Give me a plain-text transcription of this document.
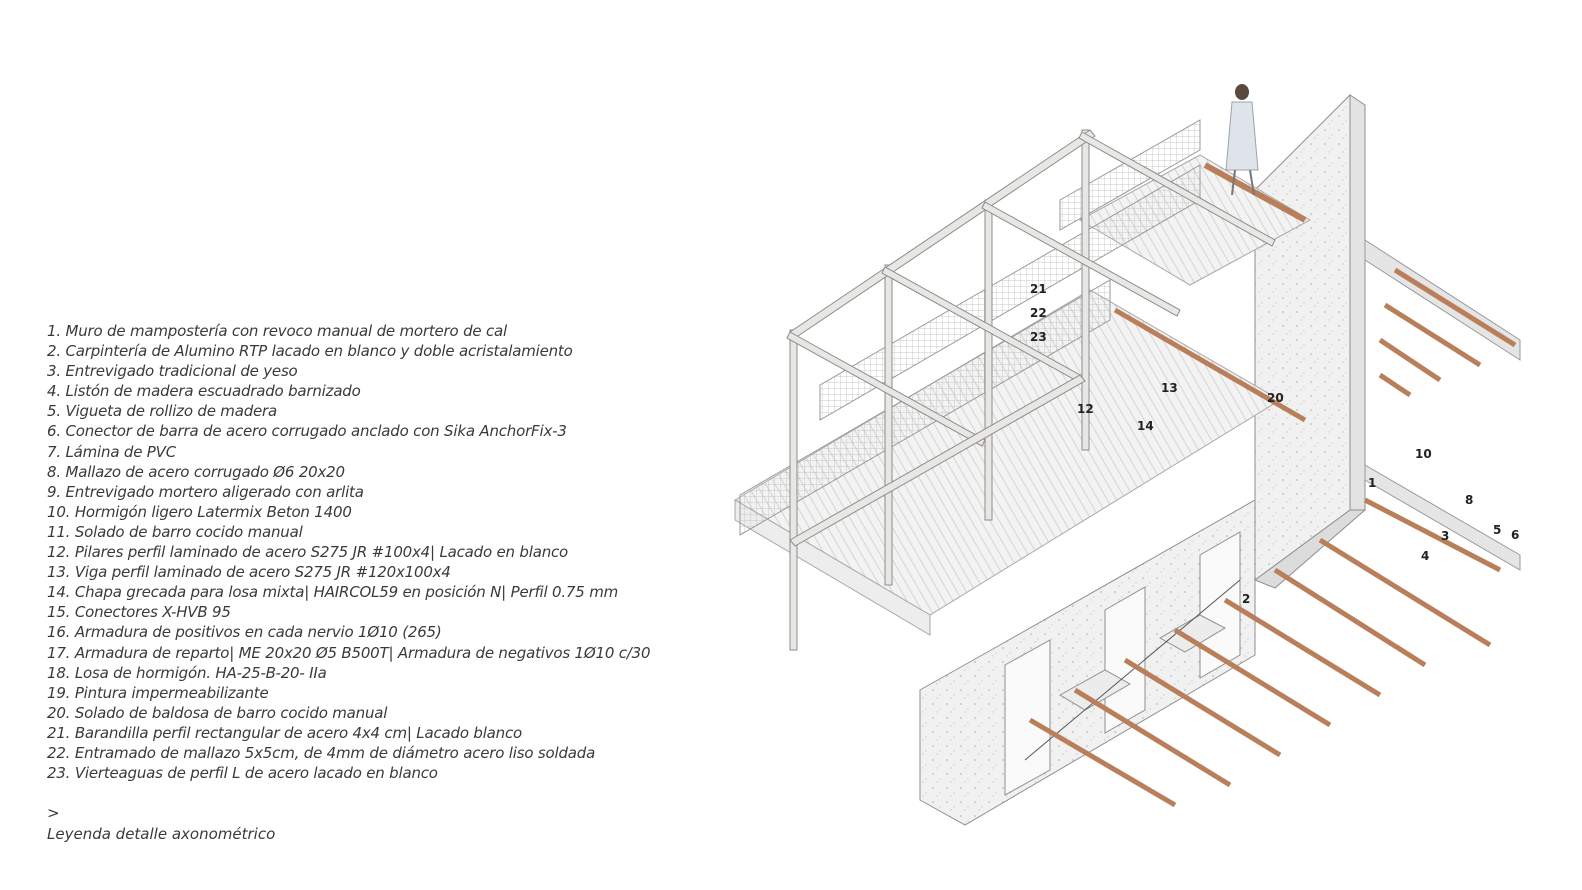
1. Muro de mampostería con revoco manual de mortero de cal
2. Carpintería de Alumino RTP lacado en blanco y doble acristalamiento
3. Entrevigado tradicional de yeso
4. Listón de madera escuadrado barnizado
5. Vigueta de rollizo de madera
6. Conector de barra de acero corrugado anclado con Sika AnchorFix-3
7. Lámina de PVC
8. Mallazo de acero corrugado Ø6 20x20
9. Entrevigado mortero aligerado con arlita
10. Hormigón ligero Latermix Beton 1400
11. Solado de barro cocido manual
12. Pilares perfil laminado de acero S275 JR #100x4| Lacado en blanco
13. Viga perfil laminado de acero S275 JR #120x100x4
14. Chapa grecada para losa mixta| HAIRCOL59 en posición N| Perfil 0.75 mm
15. Conectores X-HVB 95
16. Armadura de positivos en cada nervio 1Ø10 (265)
17. Armadura de reparto| ME 20x20 Ø5 B500T| Armadura de negativos 1Ø10 c/30
18. Losa de hormigón. HA-25-B-20- IIa
19. Pintura impermeabilizante
20. Solado de baldosa de barro cocido manual
21. Barandilla perfil rectangular de acero 4x4 cm| Lacado blanco
22. Entramado de mallazo 5x5cm, de 4mm de diámetro acero liso soldada
23. Vierteaguas de perfil L de acero lacado en blanco
>
Leyenda detalle axonométrico
21
22
23
13
20
12
14
10
1
8
3	5 6
4
2
